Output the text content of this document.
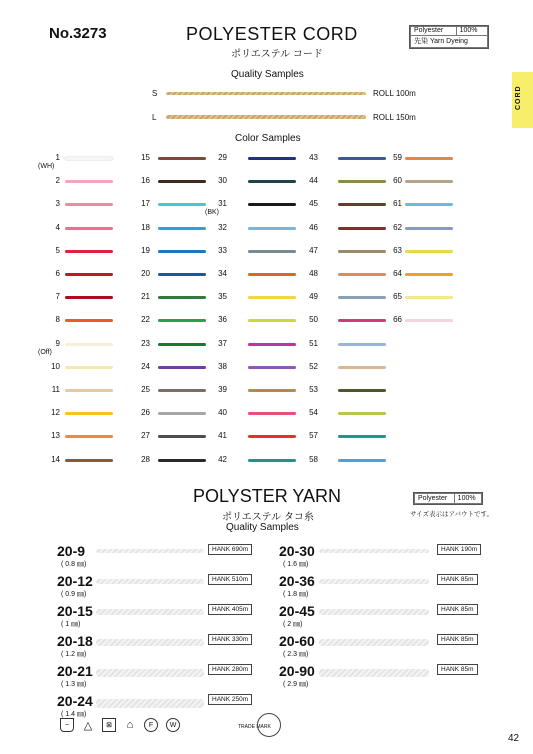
No.3273	POLYESTER CORD
ポリエステル コード
Polyester	100%
先染 Yarn Dyeing
CORD
Quality Samples
S	ROLL 100m
L	ROLL 150m
Color Samples
1
(WH)
2
3
4
5
6
7
8
9
(Off)
10
11
12
13
14
15
16
17
18
19
20
21
22
23
24
25
26
27
28
29
30
31
(BK)
32
33
34
35
36
37
38
39
40
41
42
43
44
45
46
47
48
49
50
51
52
53
54
57
58
59
60
61
62
63
64
65
66
POLYSTER YARN
ポリエステル タコ糸
Quality Samples
Polyester	100%
サイズ表示はアバウトです。
20-9
( 0.8 ㎜)
HANK 690m
20-12
( 0.9 ㎜)
HANK 510m
20-15
( 1 ㎜)
HANK 405m
20-18
( 1.2 ㎜)
HANK 330m
20-21
( 1.3 ㎜)
HANK 280m
20-24
( 1.4 ㎜)
HANK 250m
20-30
( 1.6 ㎜)
HANK 190m
20-36
( 1.8 ㎜)
HANK 85m
20-45
( 2 ㎜)
HANK 85m
20-60
( 2.3 ㎜)
HANK 85m
20-90
( 2.9 ㎜)
HANK 85m
~	△	⊠	⌂	F	W	TRADE MARK
42
